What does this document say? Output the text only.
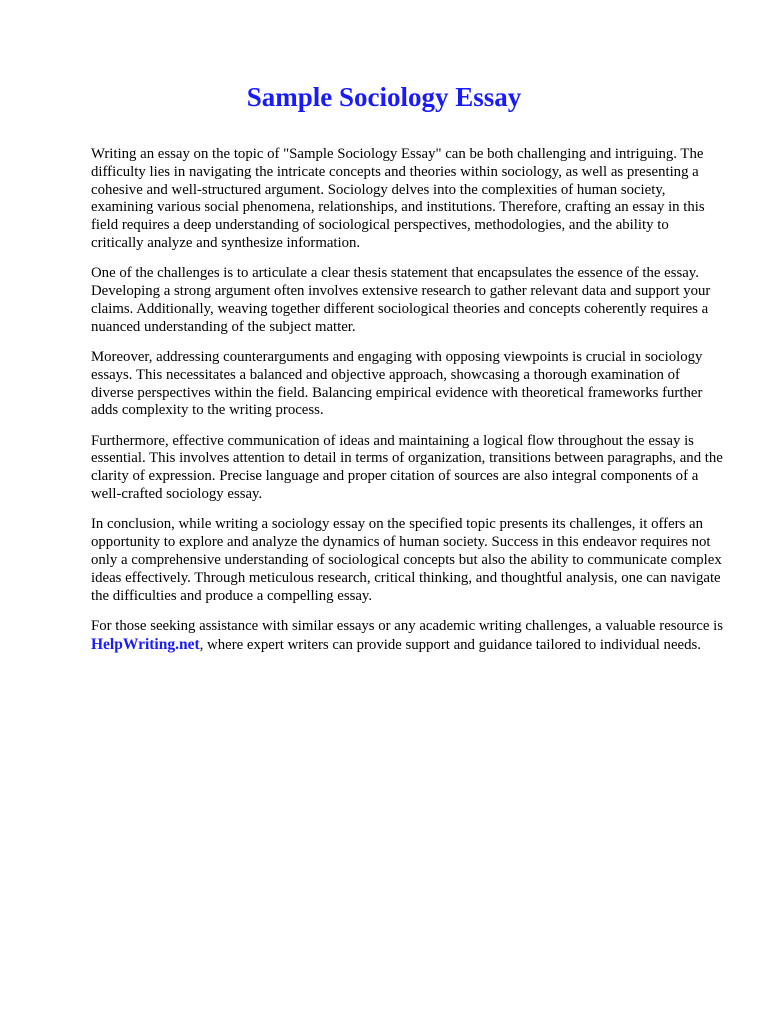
Sample Sociology Essay

Writing an essay on the topic of "Sample Sociology Essay" can be both challenging and intriguing. The difficulty lies in navigating the intricate concepts and theories within sociology, as well as presenting a cohesive and well-structured argument. Sociology delves into the complexities of human society, examining various social phenomena, relationships, and institutions. Therefore, crafting an essay in this field requires a deep understanding of sociological perspectives, methodologies, and the ability to critically analyze and synthesize information.

One of the challenges is to articulate a clear thesis statement that encapsulates the essence of the essay. Developing a strong argument often involves extensive research to gather relevant data and support your claims. Additionally, weaving together different sociological theories and concepts coherently requires a nuanced understanding of the subject matter.

Moreover, addressing counterarguments and engaging with opposing viewpoints is crucial in sociology essays. This necessitates a balanced and objective approach, showcasing a thorough examination of diverse perspectives within the field. Balancing empirical evidence with theoretical frameworks further adds complexity to the writing process.

Furthermore, effective communication of ideas and maintaining a logical flow throughout the essay is essential. This involves attention to detail in terms of organization, transitions between paragraphs, and the clarity of expression. Precise language and proper citation of sources are also integral components of a well-crafted sociology essay.

In conclusion, while writing a sociology essay on the specified topic presents its challenges, it offers an opportunity to explore and analyze the dynamics of human society. Success in this endeavor requires not only a comprehensive understanding of sociological concepts but also the ability to communicate complex ideas effectively. Through meticulous research, critical thinking, and thoughtful analysis, one can navigate the difficulties and produce a compelling essay.

For those seeking assistance with similar essays or any academic writing challenges, a valuable resource is HelpWriting.net, where expert writers can provide support and guidance tailored to individual needs.
